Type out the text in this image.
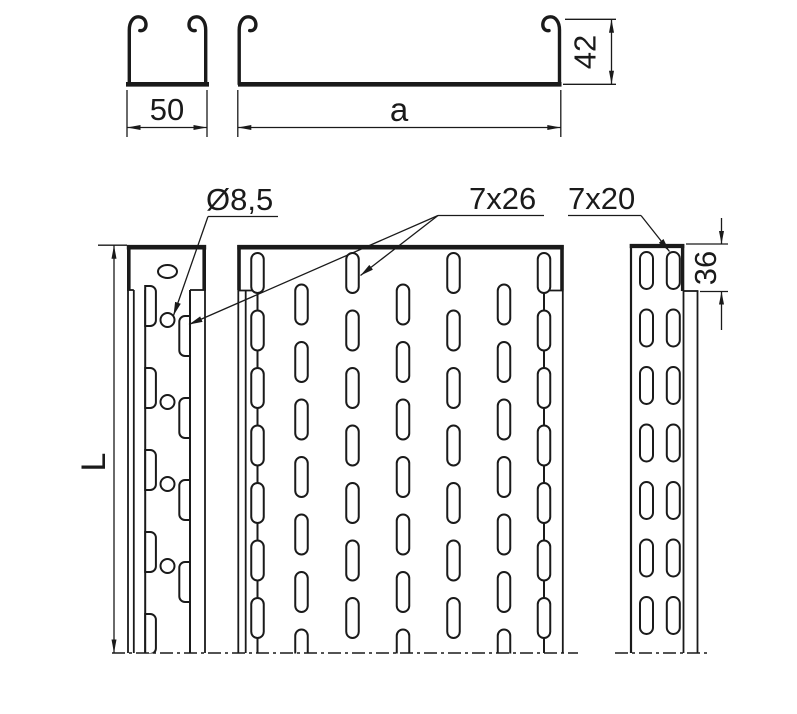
50	a
42
L
36
Ø8,5	7x26 7x20
